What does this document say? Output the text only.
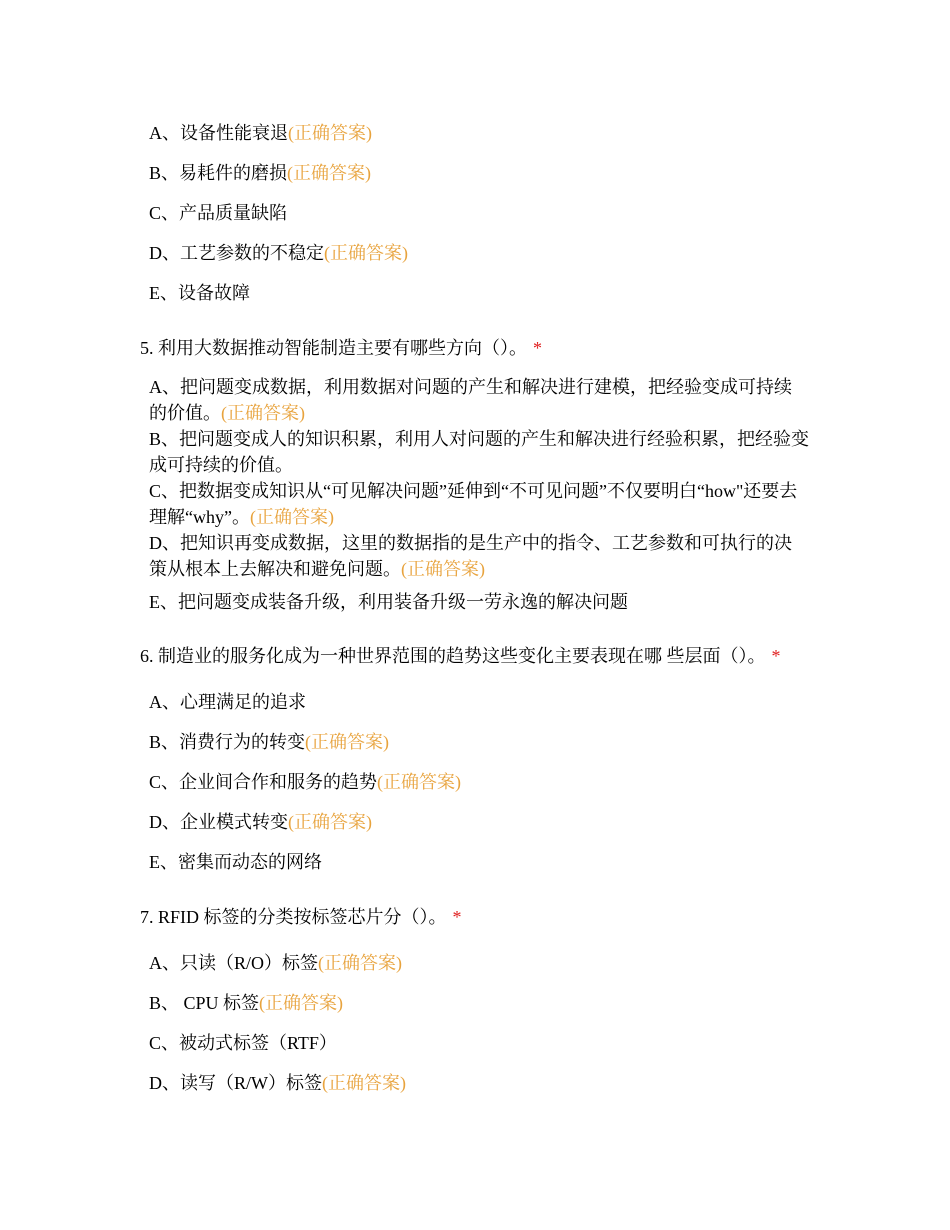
A、设备性能衰退(正确答案)
B、易耗件的磨损(正确答案)
C、产品质量缺陷
D、工艺参数的不稳定(正确答案)
E、设备故障
5. 利用大数据推动智能制造主要有哪些方向（）。 *
A、把问题变成数据，利用数据对问题的产生和解决进行建模，把经验变成可持续的价值。(正确答案)
B、把问题变成人的知识积累，利用人对问题的产生和解决进行经验积累，把经验变成可持续的价值。
C、把数据变成知识从“可见解决问题”延伸到“不可见问题”不仅要明白“how"还要去理解“why”。(正确答案)
D、把知识再变成数据，这里的数据指的是生产中的指令、工艺参数和可执行的决策从根本上去解决和避免问题。(正确答案)
E、把问题变成装备升级，利用装备升级一劳永逸的解决问题
6. 制造业的服务化成为一种世界范围的趋势这些变化主要表现在哪 些层面（）。 *
A、心理满足的追求
B、消费行为的转变(正确答案)
C、企业间合作和服务的趋势(正确答案)
D、企业模式转变(正确答案)
E、密集而动态的网络
7. RFID 标签的分类按标签芯片分（）。 *
A、只读（R/O）标签(正确答案)
B、 CPU 标签(正确答案)
C、被动式标签（RTF）
D、读写（R/W）标签(正确答案)
